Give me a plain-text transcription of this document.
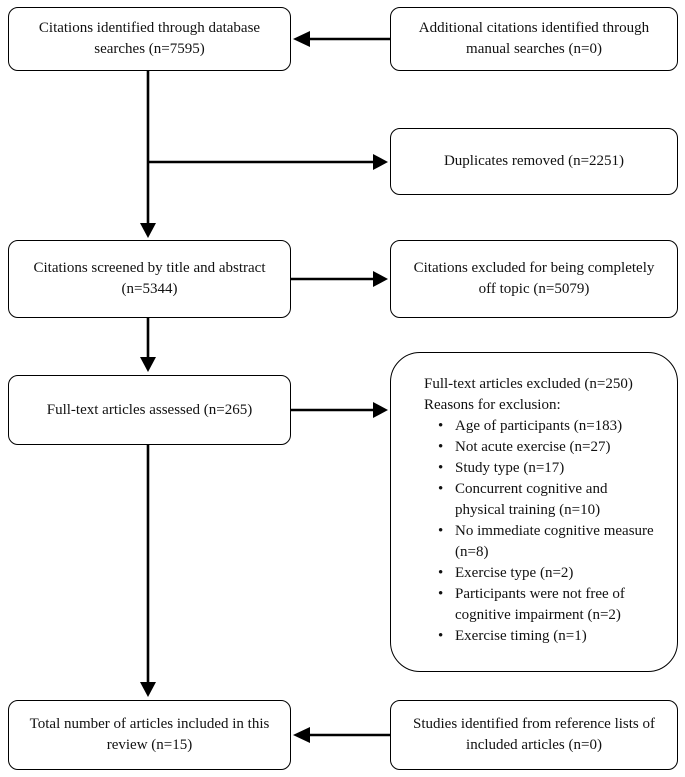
Citations identified through database searches (n=7595)
Additional citations identified through manual searches (n=0)
Duplicates removed (n=2251)
Citations screened by title and abstract (n=5344)
Citations excluded for being completely off topic (n=5079)
Full-text articles assessed (n=265)
Full-text articles excluded (n=250)
Reasons for exclusion:
• Age of participants (n=183)
• Not acute exercise (n=27)
• Study type (n=17)
• Concurrent cognitive and physical training (n=10)
• No immediate cognitive measure (n=8)
• Exercise type (n=2)
• Participants were not free of cognitive impairment (n=2)
• Exercise timing (n=1)
Total number of articles included in this review (n=15)
Studies identified from reference lists of included articles (n=0)
